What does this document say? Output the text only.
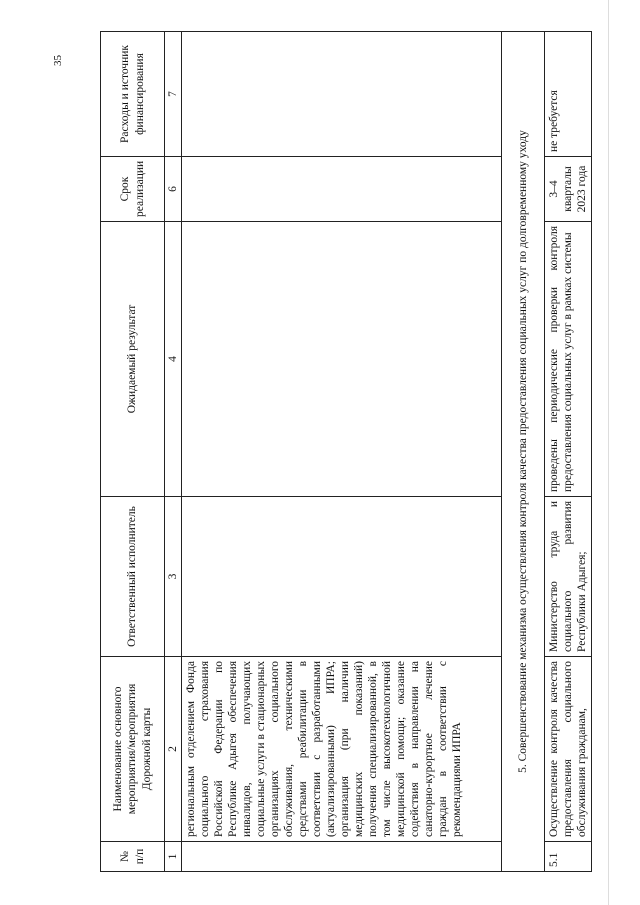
35
№ п/п	Наименование основного мероприятия/мероприятия Дорожной карты	Ответственный исполнитель	Ожидаемый результат	Срок реализации	Расходы и источник финансирования
1	2	3	4	6	7
	региональным отделением Фонда социального страхования Российской Федерации по Республике Адыгея обеспечения инвалидов, получающих социальные услуги в стационарных организациях социального обслуживания, техническими средствами реабилитации в соответствии с разработанными (актуализированными) ИПРА; организация (при наличии медицинских показаний) получения специализированной, в том числе высокотехнологичной медицинской помощи; оказание содействия в направлении на санаторно-курортное лечение граждан в соответствии с рекомендациями ИПРА				
5. Совершенствование механизма осуществления контроля качества предоставления социальных услуг по долговременному уходу					
5.1	Осуществление контроля качества предоставления социального обслуживания гражданам,	Министерство труда и социального развития Республики Адыгея;	проведены периодические проверки контроля предоставления социальных услуг в рамках системы	3–4 кварталы 2023 года	не требуется
